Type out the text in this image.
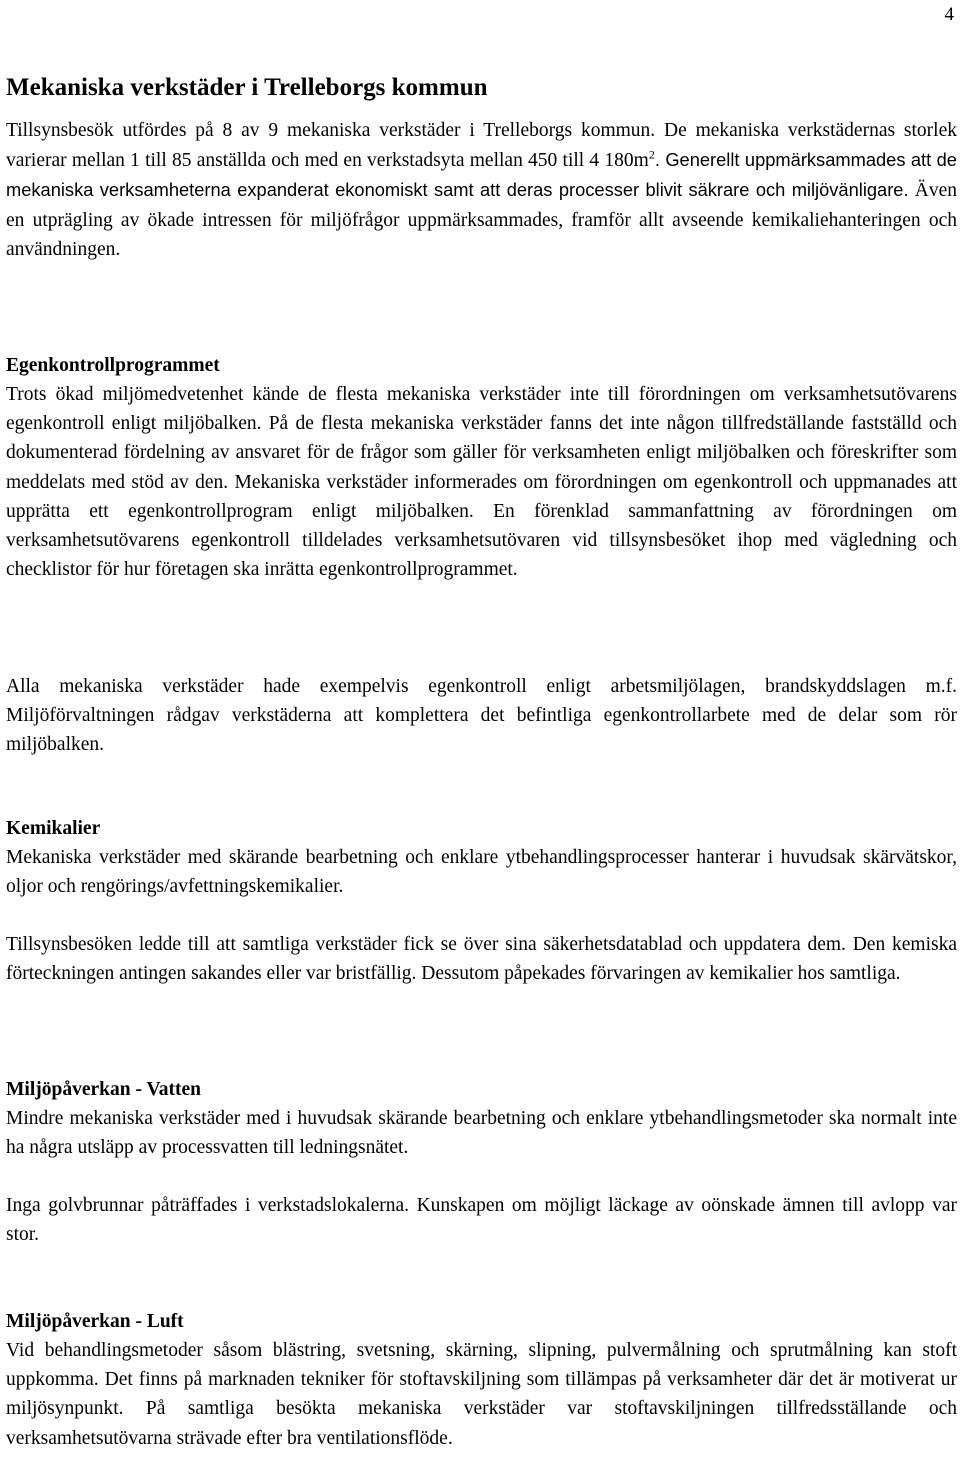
4
Mekaniska verkstäder i Trelleborgs kommun

Tillsynsbesök utfördes på 8 av 9 mekaniska verkstäder i Trelleborgs kommun. De mekaniska verkstädernas storlek varierar mellan 1 till 85 anställda och med en verkstadsyta mellan 450 till 4 $180m^2$. Generellt uppmärksammades att de mekaniska verksamheterna expanderat ekonomiskt samt att deras processer blivit säkrare och miljövänligare. Även en utprägling av ökade intressen för miljöfrågor uppmärksammades, framför allt avseende kemikaliehanteringen och användningen.

Egenkontrollprogrammet

Trots ökad miljömedvetenhet kände de flesta mekaniska verkstäder inte till förordningen om verksamhetsutövarens egenkontroll enligt miljöbalken. På de flesta mekaniska verkstäder fanns det inte någon tillfredställande fastställd och dokumenterad fördelning av ansvaret för de frågor som gäller för verksamheten enligt miljöbalken och föreskrifter som meddelats med stöd av den. Mekaniska verkstäder informerades om förordningen om egenkontroll och uppmanades att upprätta ett egenkontrollprogram enligt miljöbalken. En förenklad sammanfattning av förordningen om verksamhetsutövarens egenkontroll tilldelades verksamhetsutövaren vid tillsynsbesöket ihop med vägledning och checklistor för hur företagen ska inrätta egenkontrollprogrammet.

Alla mekaniska verkstäder hade exempelvis egenkontroll enligt arbetsmiljölagen, brandskyddslagen m.f. Miljöförvaltningen rådgav verkstäderna att komplettera det befintliga egenkontrollarbete med de delar som rör miljöbalken.

Kemikalier

Mekaniska verkstäder med skärande bearbetning och enklare ytbehandlingsprocesser hanterar i huvudsak skärvätskor, oljor och rengörings/avfettningskemikalier.

Tillsynsbesöken ledde till att samtliga verkstäder fick se över sina säkerhetsdatablad och uppdatera dem. Den kemiska förteckningen antingen sakandes eller var bristfällig. Dessutom påpekades förvaringen av kemikalier hos samtliga.

Miljöpåverkan - Vatten

Mindre mekaniska verkstäder med i huvudsak skärande bearbetning och enklare ytbehandlingsmetoder ska normalt inte ha några utsläpp av processvatten till ledningsnätet.

Inga golvbrunnar påträffades i verkstadslokalerna. Kunskapen om möjligt läckage av oönskade ämnen till avlopp var stor.

Miljöpåverkan - Luft

Vid behandlingsmetoder såsom blästring, svetsning, skärning, slipning, pulvermålning och sprutmålning kan stoft uppkomma. Det finns på marknaden tekniker för stoftavskiljning som tillämpas på verksamheter där det är motiverat ur miljösynpunkt. På samtliga besökta mekaniska verkstäder var stoftavskiljningen tillfredsställande och verksamhetsutövarna strävade efter bra ventilationsflöde.
